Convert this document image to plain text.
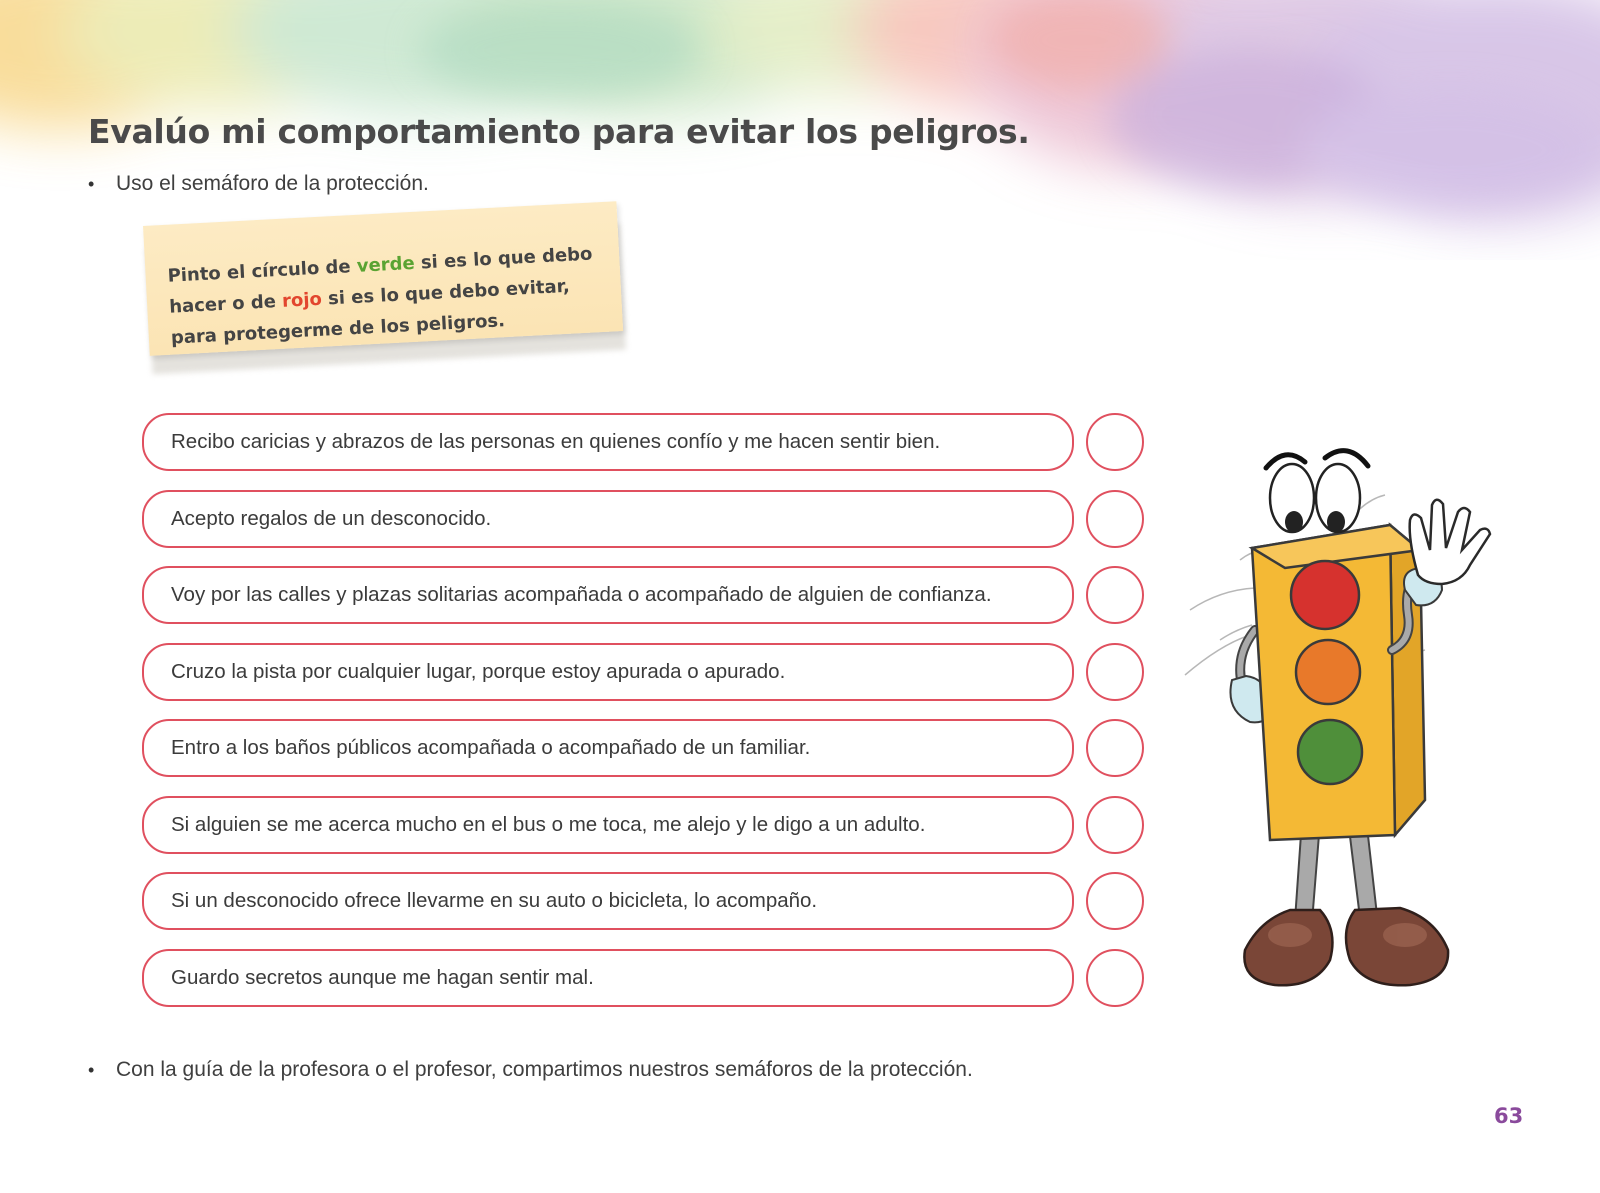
Evalúo mi comportamiento para evitar los peligros.
• Uso el semáforo de la protección.
Pinto el círculo de verde si es lo que debo hacer o de rojo si es lo que debo evitar, para protegerme de los peligros.
Recibo caricias y abrazos de las personas en quienes confío y me hacen sentir bien.
Acepto regalos de un desconocido.
Voy por las calles y plazas solitarias acompañada o acompañado de alguien de confianza.
Cruzo la pista por cualquier lugar, porque estoy apurada o apurado.
Entro a los baños públicos acompañada o acompañado de un familiar.
Si alguien se me acerca mucho en el bus o me toca, me alejo y le digo a un adulto.
Si un desconocido ofrece llevarme en su auto o bicicleta, lo acompaño.
Guardo secretos aunque me hagan sentir mal.
• Con la guía de la profesora o el profesor, compartimos nuestros semáforos de la protección.
63
